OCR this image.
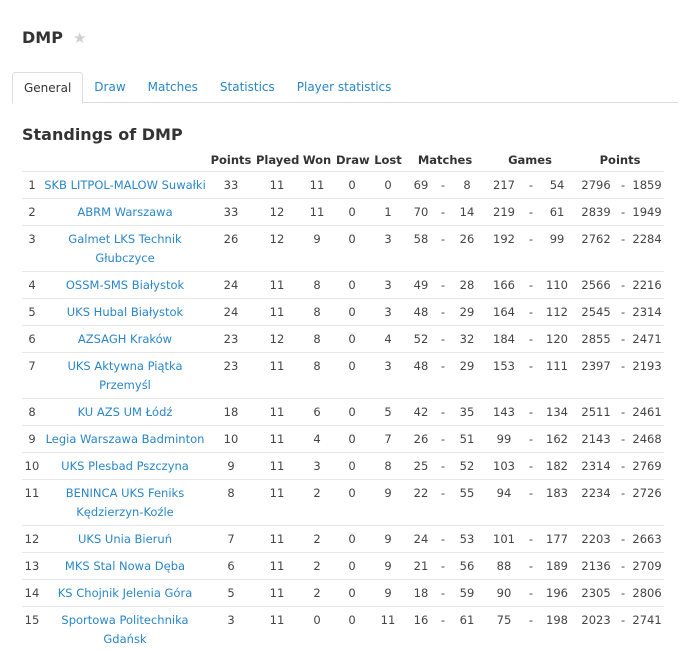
DMP ★
General	Draw	Matches	Statistics	Player statistics
Standings of DMP
		Points	Played	Won	Draw	Lost	Matches			Games			Points		
1	SKB LITPOL-MALOW Suwałki	33	11	11	0	0	69	-	8	217	-	54	2796	-	1859
2	ABRM Warszawa	33	12	11	0	1	70	-	14	219	-	61	2839	-	1949
3	Galmet LKS Technik Głubczyce	26	12	9	0	3	58	-	26	192	-	99	2762	-	2284
4	OSSM-SMS Białystok	24	11	8	0	3	49	-	28	166	-	110	2566	-	2216
5	UKS Hubal Białystok	24	11	8	0	3	48	-	29	164	-	112	2545	-	2314
6	AZSAGH Kraków	23	12	8	0	4	52	-	32	184	-	120	2855	-	2471
7	UKS Aktywna Piątka Przemyśl	23	11	8	0	3	48	-	29	153	-	111	2397	-	2193
8	KU AZS UM Łódź	18	11	6	0	5	42	-	35	143	-	134	2511	-	2461
9	Legia Warszawa Badminton	10	11	4	0	7	26	-	51	99	-	162	2143	-	2468
10	UKS Plesbad Pszczyna	9	11	3	0	8	25	-	52	103	-	182	2314	-	2769
11	BENINCA UKS Feniks Kędzierzyn-Koźle	8	11	2	0	9	22	-	55	94	-	183	2234	-	2726
12	UKS Unia Bieruń	7	11	2	0	9	24	-	53	101	-	177	2203	-	2663
13	MKS Stal Nowa Dęba	6	11	2	0	9	21	-	56	88	-	189	2136	-	2709
14	KS Chojnik Jelenia Góra	5	11	2	0	9	18	-	59	90	-	196	2305	-	2806
15	Sportowa Politechnika Gdańsk	3	11	0	0	11	16	-	61	75	-	198	2023	-	2741
